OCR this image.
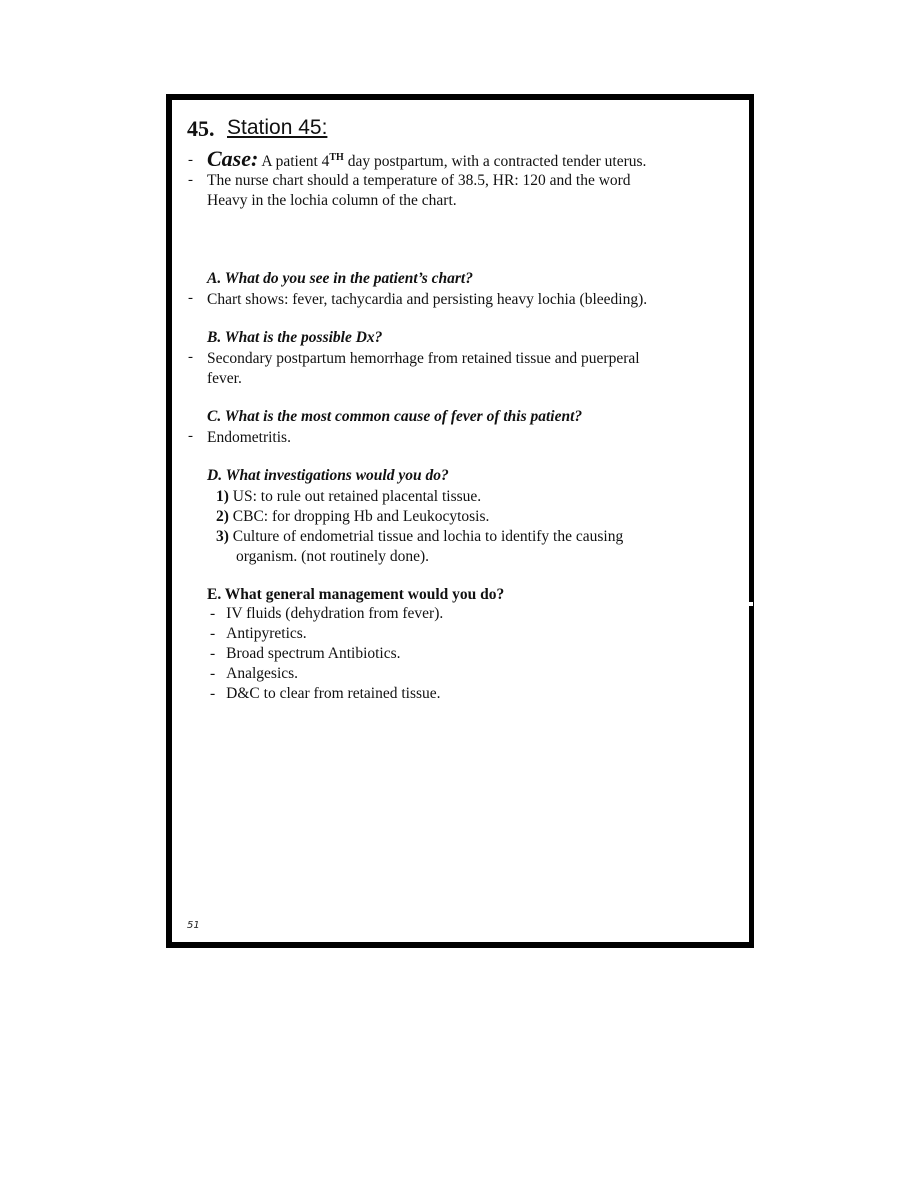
45. Station 45:
- Case: A patient 4TH day postpartum, with a contracted tender uterus.
- The nurse chart should a temperature of 38.5, HR: 120 and the word
Heavy in the lochia column of the chart.
A. What do you see in the patient’s chart?
- Chart shows: fever, tachycardia and persisting heavy lochia (bleeding).
B. What is the possible Dx?
- Secondary postpartum hemorrhage from retained tissue and puerperal
fever.
C. What is the most common cause of fever of this patient?
- Endometritis.
D. What investigations would you do?
1) US: to rule out retained placental tissue.
2) CBC: for dropping Hb and Leukocytosis.
3) Culture of endometrial tissue and lochia to identify the causing
organism. (not routinely done).
E. What general management would you do?
- IV fluids (dehydration from fever).
- Antipyretics.
- Broad spectrum Antibiotics.
- Analgesics.
- D&C to clear from retained tissue.
51
